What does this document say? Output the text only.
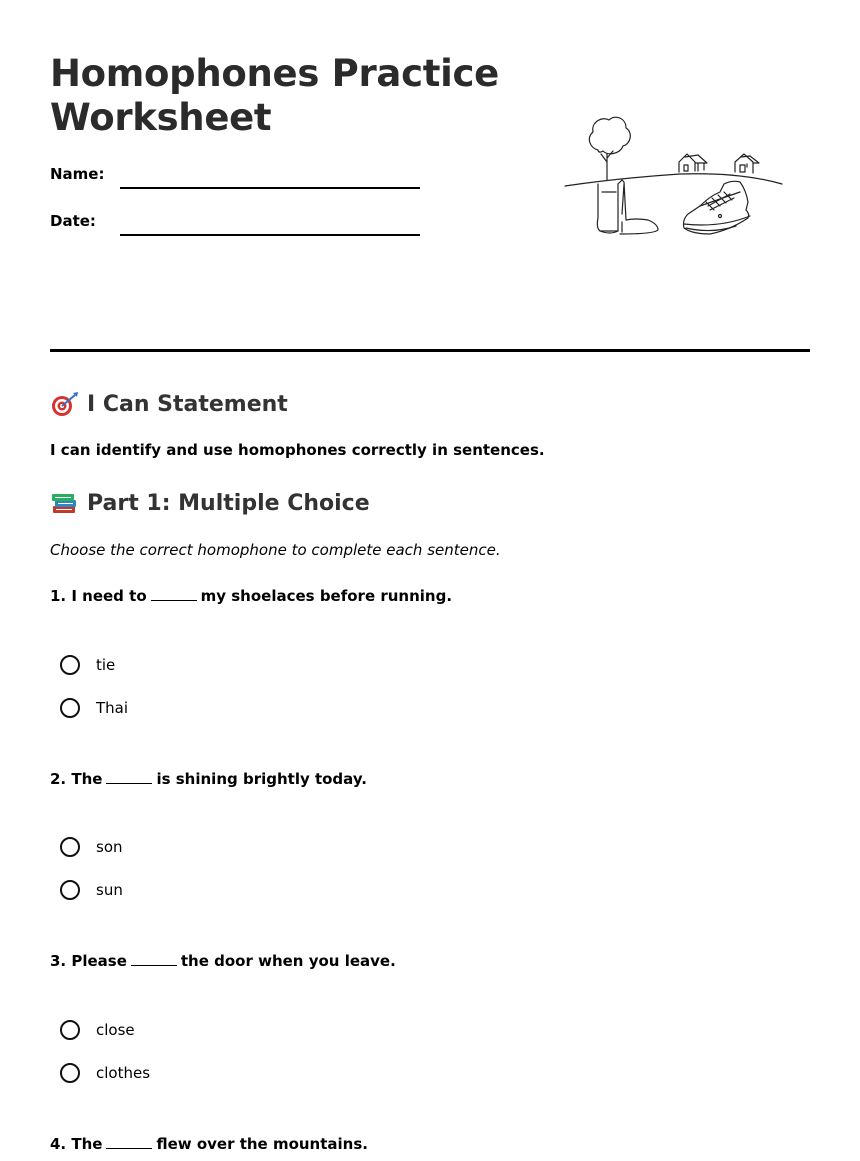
Homophones Practice
Worksheet
Name:
Date:
I Can Statement
I can identify and use homophones correctly in sentences.
Part 1: Multiple Choice
Choose the correct homophone to complete each sentence.
1. I need to	my shoelaces before running.
tie
Thai
2. The	is shining brightly today.
son
sun
3. Please	the door when you leave.
close
clothes
4. The	flew over the mountains.
